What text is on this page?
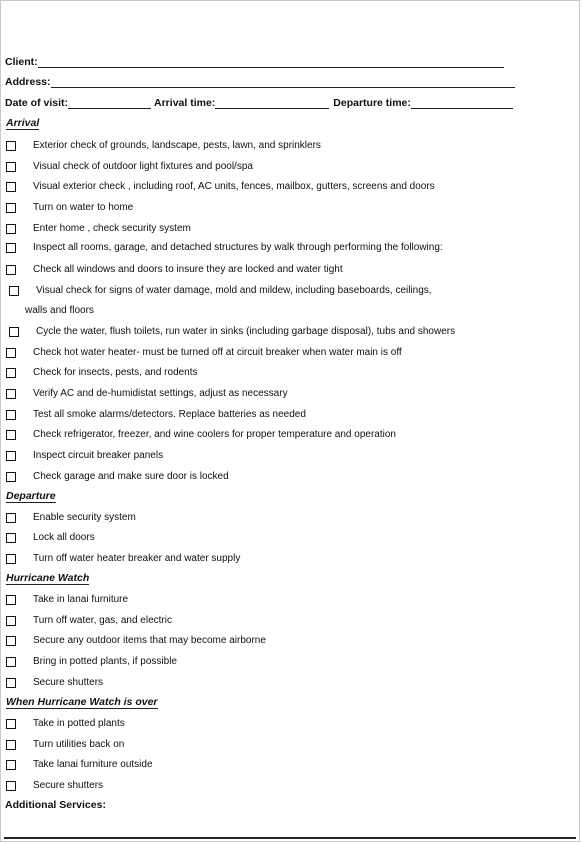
Client:
Address:
Date of visit:	Arrival time:	Departure time:
Arrival
Exterior check of grounds, landscape, pests, lawn, and sprinklers
Visual check of outdoor light fixtures and pool/spa
Visual exterior check , including roof, AC units, fences, mailbox, gutters, screens and doors
Turn on water to home
Enter home , check security system
Inspect all rooms, garage, and detached structures by walk through performing the following:
Check all windows and doors to insure they are locked and water tight
Visual check for signs of water damage, mold and mildew, including baseboards, ceilings,
walls and floors
Cycle the water, flush toilets, run water in sinks (including garbage disposal), tubs and showers
Check hot water heater- must be turned off at circuit breaker when water main is off
Check for insects, pests, and rodents
Verify AC and de-humidistat settings, adjust as necessary
Test all smoke alarms/detectors. Replace batteries as needed
Check refrigerator, freezer, and wine coolers for proper temperature and operation
Inspect circuit breaker panels
Check garage and make sure door is locked
Departure
Enable security system
Lock all doors
Turn off water heater breaker and water supply
Hurricane Watch
Take in lanai furniture
Turn off water, gas, and electric
Secure any outdoor items that may become airborne
Bring in potted plants, if possible
Secure shutters
When Hurricane Watch is over
Take in potted plants
Turn utilities back on
Take lanai furniture outside
Secure shutters
Additional Services:
